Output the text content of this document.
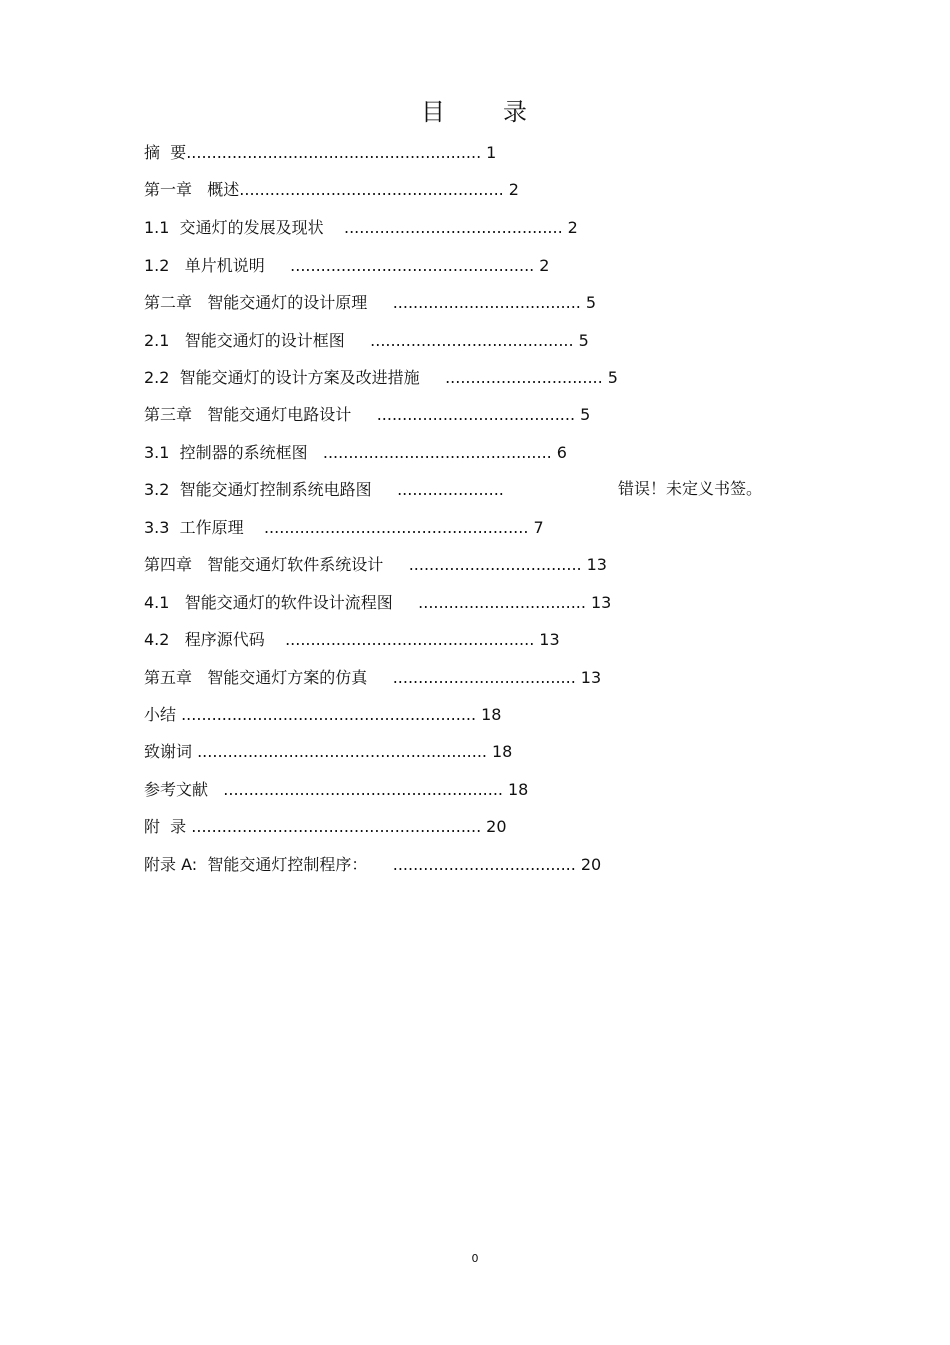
目 录
摘  要.......................................................... 1
第一章   概述.................................................... 2
1.1  交通灯的发展及现状    ........................................... 2
1.2   单片机说明     ................................................ 2
第二章   智能交通灯的设计原理     ..................................... 5
2.1   智能交通灯的设计框图     ........................................ 5
2.2  智能交通灯的设计方案及改进措施     ............................... 5
第三章   智能交通灯电路设计     ....................................... 5
3.1  控制器的系统框图   ............................................. 6
3.2  智能交通灯控制系统电路图     .....................
3.3  工作原理    .................................................... 7
第四章   智能交通灯软件系统设计     .................................. 13
4.1   智能交通灯的软件设计流程图     ................................. 13
4.2   程序源代码    ................................................. 13
第五章   智能交通灯方案的仿真     .................................... 13
小结 .......................................................... 18
致谢词 ......................................................... 18
参考文献   ....................................................... 18
附  录 ......................................................... 20
附录 A:  智能交通灯控制程序：     .................................... 20
错误！未定义书签。
0
